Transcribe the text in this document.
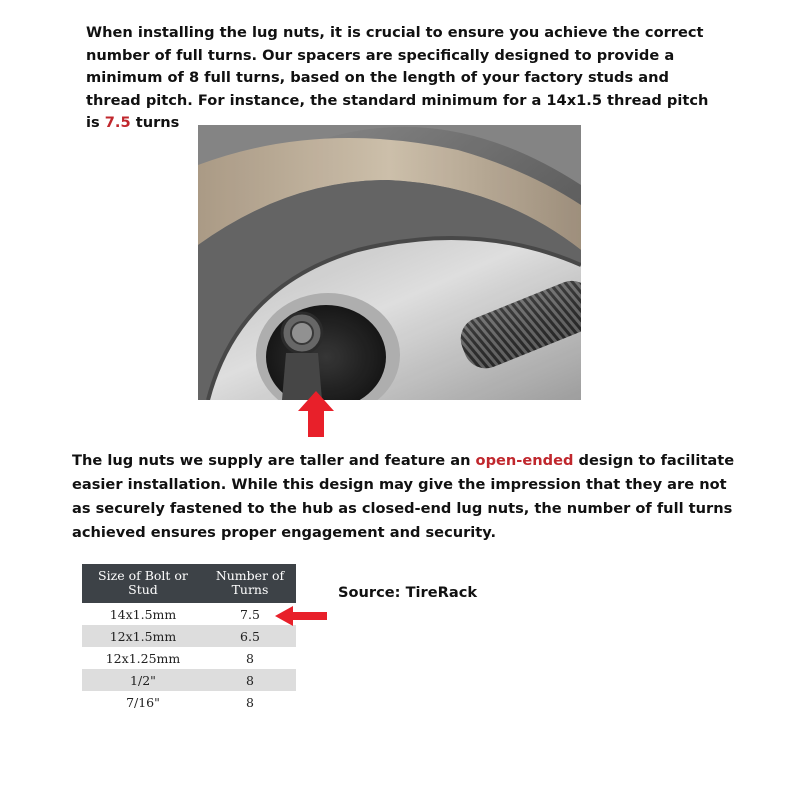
When installing the lug nuts, it is crucial to ensure you achieve the correct number of full turns. Our spacers are specifically designed to provide a minimum of 8 full turns, based on the length of your factory studs and thread pitch. For instance, the standard minimum for a 14x1.5 thread pitch is 7.5 turns

The lug nuts we supply are taller and feature an open-ended design to facilitate easier installation. While this design may give the impression that they are not as securely fastened to the hub as closed-end lug nuts, the number of full turns achieved ensures proper engagement and security.

Size of Bolt or Stud	Number of Turns
14x1.5mm	7.5
12x1.5mm	6.5
12x1.25mm	8
1/2"	8
7/16"	8

Source: TireRack
